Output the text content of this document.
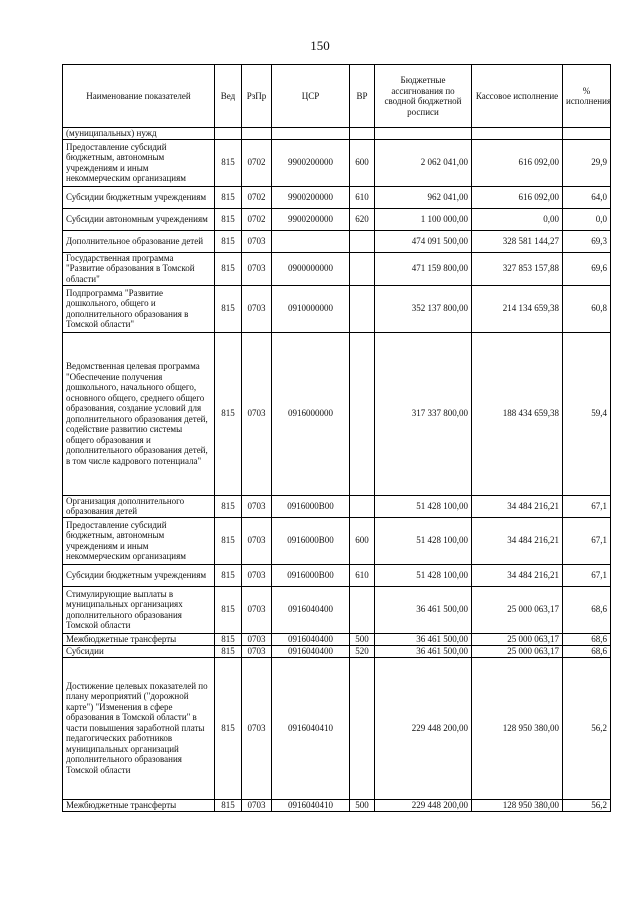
150
Наименование показателей	Вед	РзПр	ЦСР	ВР	Бюджетные ассигнования по сводной бюджетной росписи	Кассовое исполнение	% исполнения
(муниципальных) нужд							
Предоставление субсидий бюджетным, автономным учреждениям и иным некоммерческим организациям	815	0702	9900200000	600	2 062 041,00	616 092,00	29,9
Субсидии бюджетным учреждениям	815	0702	9900200000	610	962 041,00	616 092,00	64,0
Субсидии автономным учреждениям	815	0702	9900200000	620	1 100 000,00	0,00	0,0
Дополнительное образование детей	815	0703			474 091 500,00	328 581 144,27	69,3
Государственная программа "Развитие образования в Томской области"	815	0703	0900000000		471 159 800,00	327 853 157,88	69,6
Подпрограмма "Развитие дошкольного, общего и дополнительного образования в Томской области"	815	0703	0910000000		352 137 800,00	214 134 659,38	60,8
Ведомственная целевая программа "Обеспечение получения дошкольного, начального общего, основного общего, среднего общего образования, создание условий для дополнительного образования детей, содействие развитию системы общего образования и дополнительного образования детей, в том числе кадрового потенциала"	815	0703	0916000000		317 337 800,00	188 434 659,38	59,4
Организация дополнительного образования детей	815	0703	0916000В00		51 428 100,00	34 484 216,21	67,1
Предоставление субсидий бюджетным, автономным учреждениям и иным некоммерческим организациям	815	0703	0916000В00	600	51 428 100,00	34 484 216,21	67,1
Субсидии бюджетным учреждениям	815	0703	0916000В00	610	51 428 100,00	34 484 216,21	67,1
Стимулирующие выплаты в муниципальных организациях дополнительного образования Томской области	815	0703	0916040400		36 461 500,00	25 000 063,17	68,6
Межбюджетные трансферты	815	0703	0916040400	500	36 461 500,00	25 000 063,17	68,6
Субсидии	815	0703	0916040400	520	36 461 500,00	25 000 063,17	68,6
Достижение целевых показателей по плану мероприятий ("дорожной карте") "Изменения в сфере образования в Томской области" в части повышения заработной платы педагогических работников муниципальных организаций дополнительного образования Томской области	815	0703	0916040410		229 448 200,00	128 950 380,00	56,2
Межбюджетные трансферты	815	0703	0916040410	500	229 448 200,00	128 950 380,00	56,2
